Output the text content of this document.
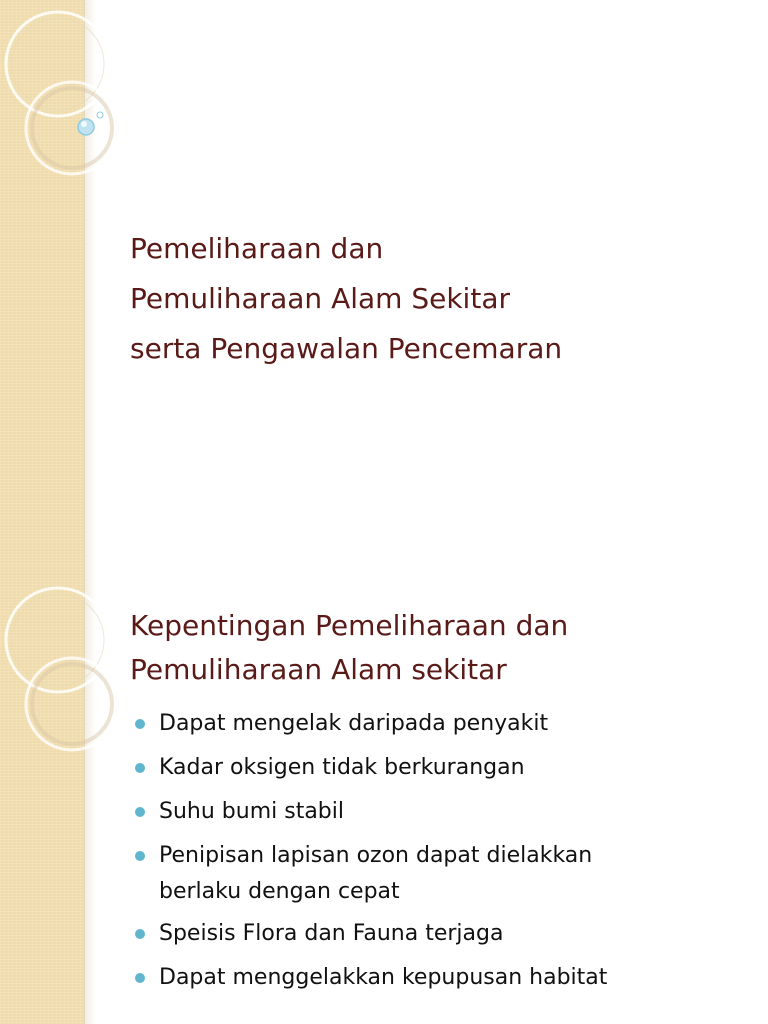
Pemeliharaan dan
Pemuliharaan Alam Sekitar
serta Pengawalan Pencemaran
Kepentingan Pemeliharaan dan
Pemuliharaan Alam sekitar
Dapat mengelak daripada penyakit
Kadar oksigen tidak berkurangan
Suhu bumi stabil
Penipisan lapisan ozon dapat dielakkan
berlaku dengan cepat
Speisis Flora dan Fauna terjaga
Dapat menggelakkan kepupusan habitat
